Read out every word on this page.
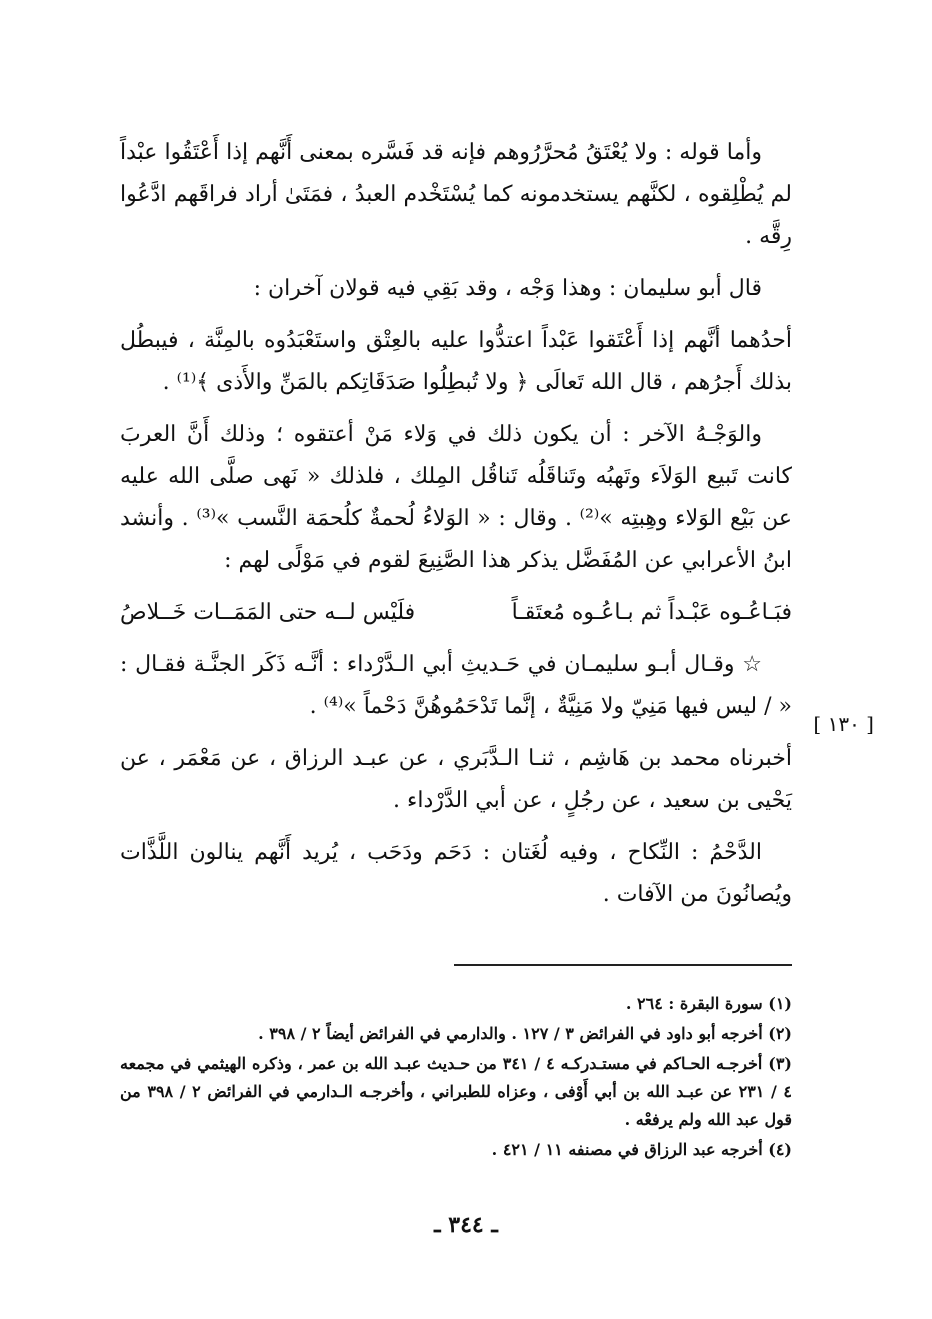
وأما قوله : ولا يُعْتَقُ مُحرَّرُوهم فإنه قد فَسَّره بمعنى أَنَّهم إذا أَعْتَقُوا عبْداً لم يُطْلِقوه ، لكنَّهم يستخدمونه كما يُسْتَخْدم العبدُ ، فمَتَىٰ أراد فراقَهم ادَّعُوا رِقَّه .

قال أبو سليمان : وهذا وَجْه ، وقد بَقِي فيه قولان آخران :

أحدُهما أنَّهم إذا أَعْتَقوا عَبْداً اعتدُّوا عليه بالعِتْق واستَعْبَدُوه بالمِنَّة ، فيبطُل بذلك أَجرُهم ، قال الله تَعالَى ﴿ ولا تُبطِلُوا صَدَقَاتِكم بالمَنِّ والأَذى ﴾⁽¹⁾ .

والوَجْـهُ الآخر : أن يكون ذلك في وَلاء مَنْ أعتقوه ؛ وذلك أَنَّ العربَ كانت تَبيع الوَلاَء وتَهبُه وتَناقَلُه تَناقُل المِلك ، فلذلك « نَهى صلَّى الله عليه عن بَيْع الوَلاء وهِبتِه »⁽²⁾ . وقال : « الوَلاءُ لُحمةٌ كلُحمَة النَّسب »⁽³⁾ . وأنشد ابنُ الأعرابي عن المُفَضَّل يذكر هذا الصَّنِيعَ لقوم في مَوْلًى لهم :

فبَـاعُـوه عَبْـداً ثم بـاعُـوه مُعتَقـاً
فلَيْس لــه حتى المَمَــات خَــلاصُ

☆ وقـال أبـو سليمـان في حَـديثِ أبي الـدَّرْداء : أنَّـه ذَكَر الجنَّـة فقـال : « / ليس فيها مَنِيّ ولا مَنِيَّةٌ ، إنَّما تَدْحَمُوهُنَّ دَحْماً »⁽⁴⁾ .

أخبرناه محمد بن هَاشِم ، ثنـا الـدَّبَري ، عن عبـد الرزاق ، عن مَعْمَر ، عن يَحْيى بن سعيد ، عن رجُلٍ ، عن أبي الدَّرْداء .

الدَّحْمُ : النِّكاح ، وفيه لُغَتان : دَحَم ودَحَب ، يُريد أَنَّهم ينالون اللَّذَّات ويُصانُونَ من الآفات .

[ ١٣٠ ]

(١) سورة البقرة : ٢٦٤ .

(٢) أخرجه أبو داود في الفرائض ٣ / ١٢٧ . والدارمي في الفرائض أيضاً ٢ / ٣٩٨ .

(٣) أخرجـه الحـاكم في مستـدركـه ٤ / ٣٤١ من حـديث عبـد الله بن عمر ، وذكره الهيثمي في مجمعه ٤ / ٢٣١ عن عبـد الله بن أبي أَوْفى ، وعزاه للطبراني ، وأخرجـه الـدارمي في الفرائض ٢ / ٣٩٨ من قول عبد الله ولم يرفعْه .

(٤) أخرجه عبد الرزاق في مصنفه ١١ / ٤٢١ .

ـ ٣٤٤ ـ
